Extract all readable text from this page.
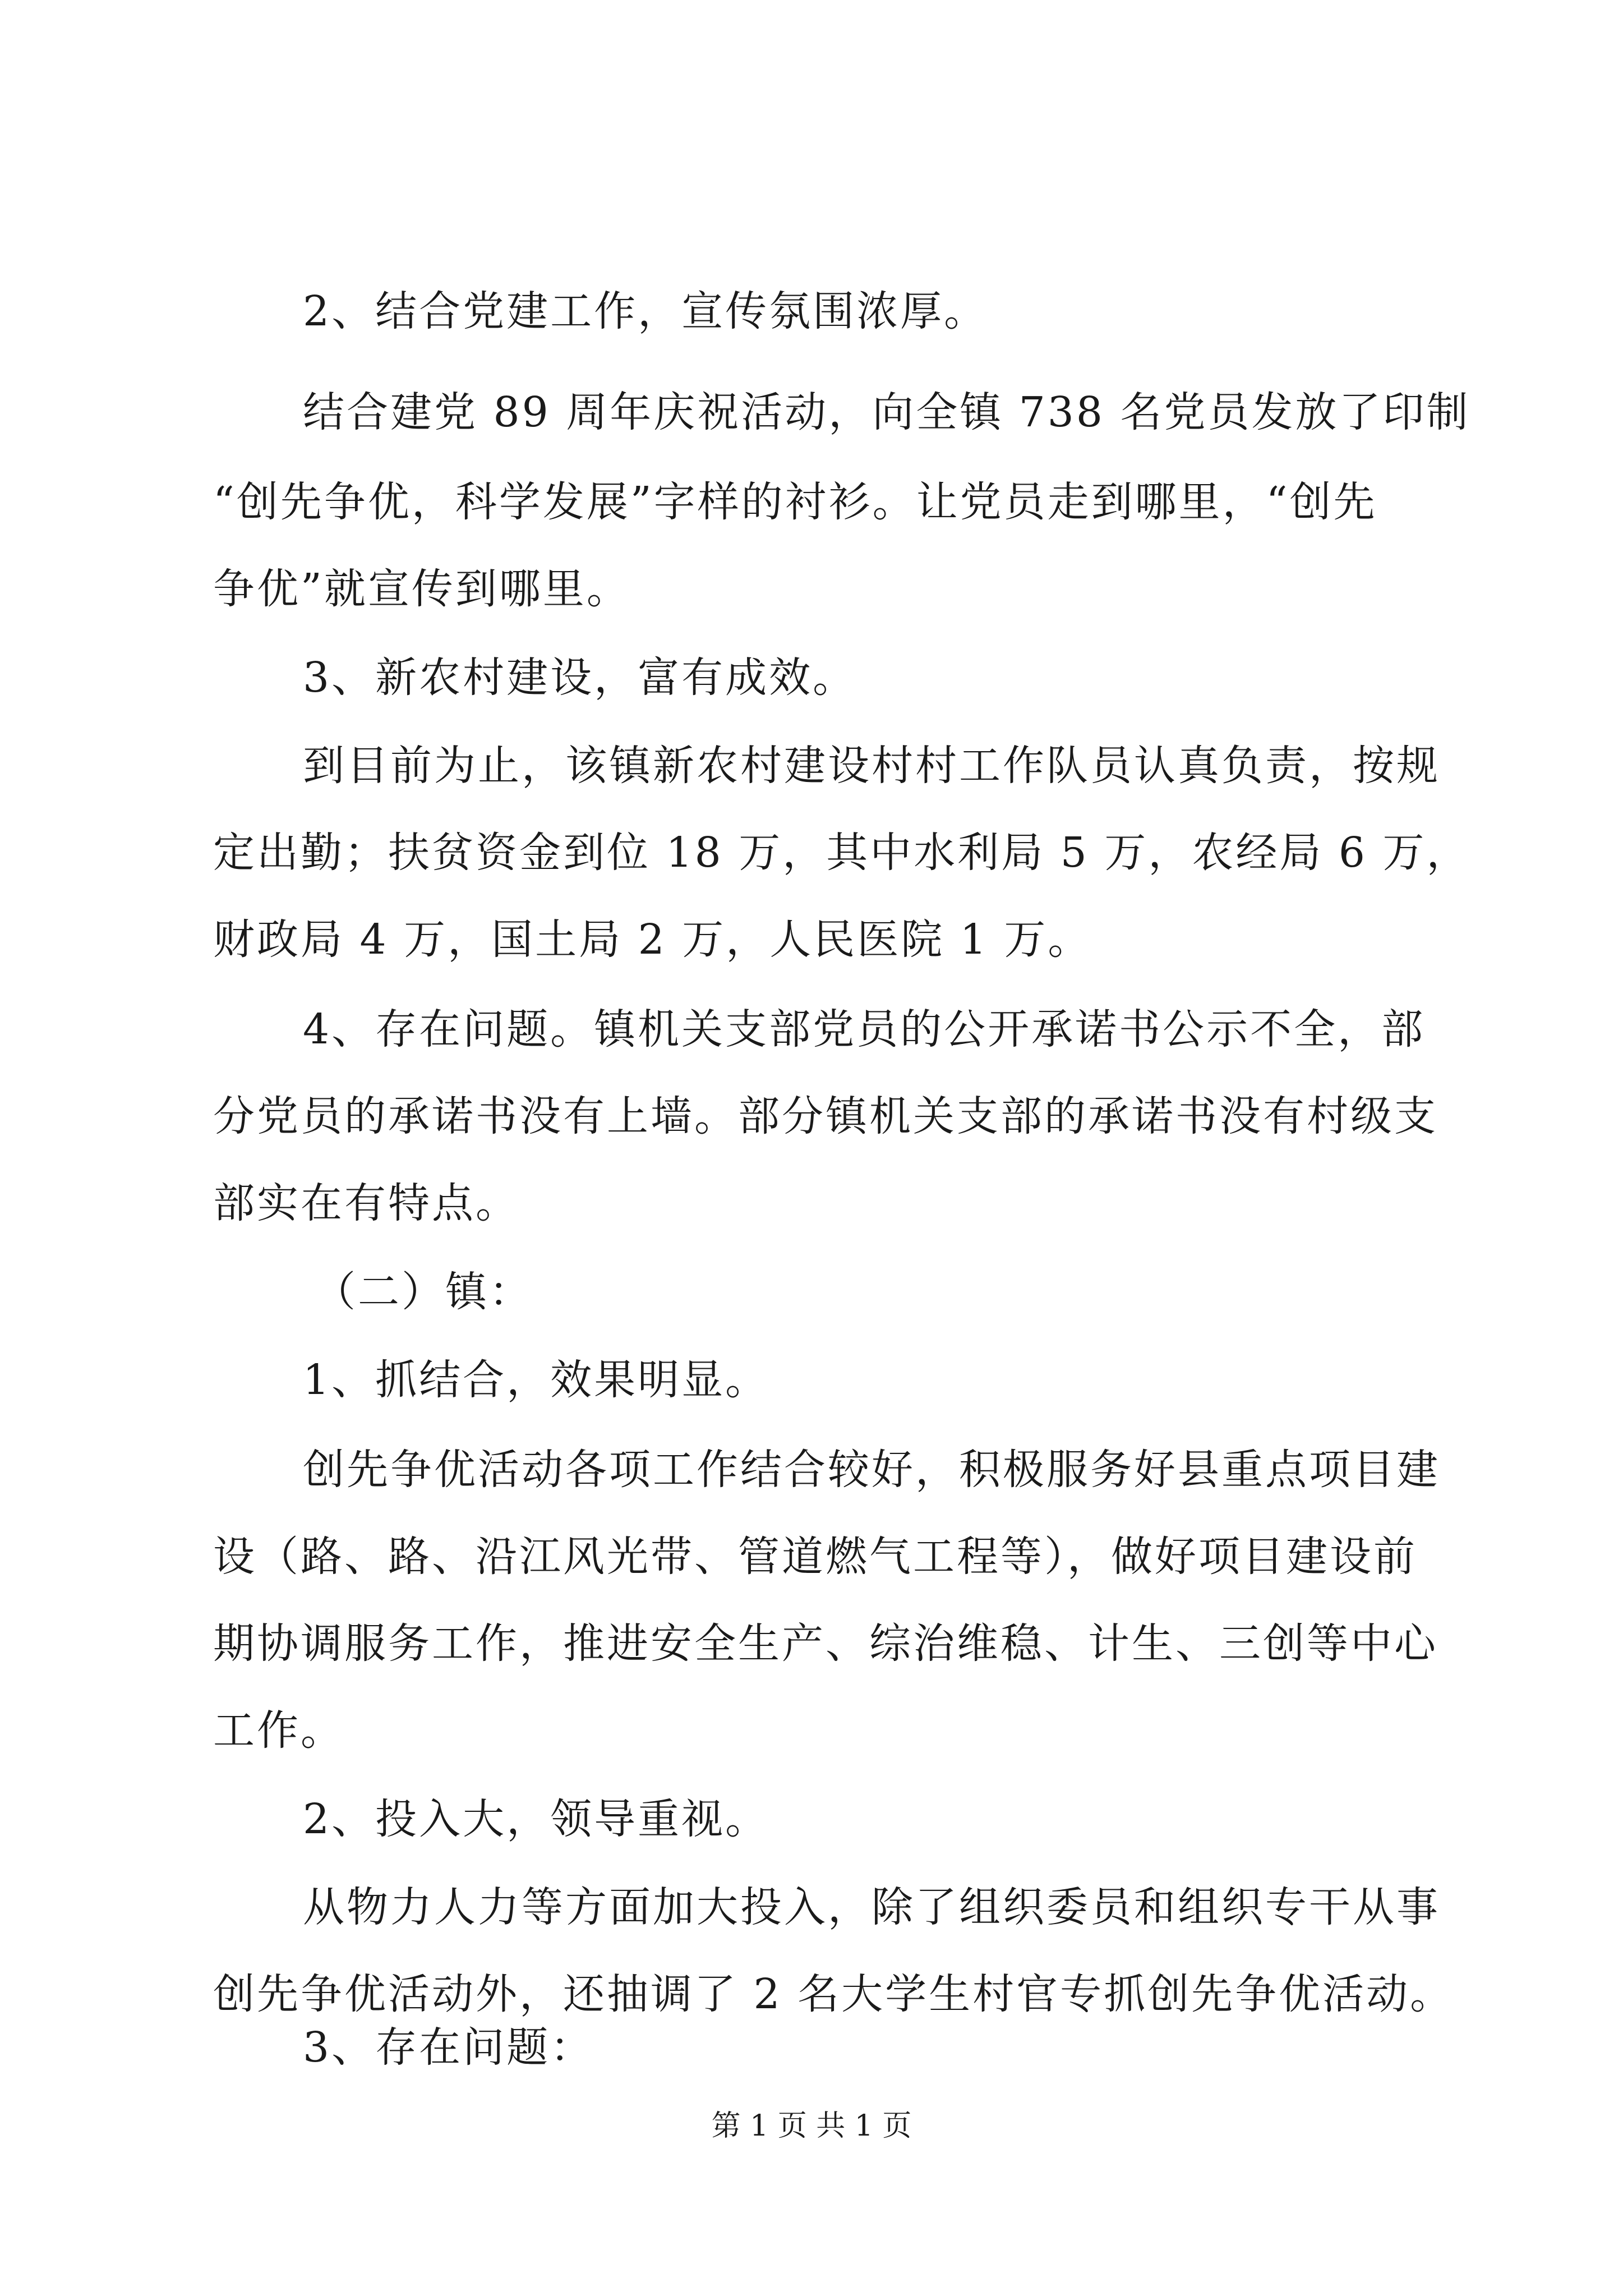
2、结合党建工作，宣传氛围浓厚。
结合建党 89 周年庆祝活动，向全镇 738 名党员发放了印制
“创先争优，科学发展”字样的衬衫。让党员走到哪里，“创先
争优”就宣传到哪里。
3、新农村建设，富有成效。
到目前为止，该镇新农村建设村村工作队员认真负责，按规
定出勤；扶贫资金到位 18 万，其中水利局 5 万，农经局 6 万，
财政局 4 万，国土局 2 万，人民医院 1 万。
4、存在问题。镇机关支部党员的公开承诺书公示不全，部
分党员的承诺书没有上墙。部分镇机关支部的承诺书没有村级支
部实在有特点。
（二）镇：
1、抓结合，效果明显。
创先争优活动各项工作结合较好，积极服务好县重点项目建
设（路、路、沿江风光带、管道燃气工程等），做好项目建设前
期协调服务工作，推进安全生产、综治维稳、计生、三创等中心
工作。
2、投入大，领导重视。
从物力人力等方面加大投入，除了组织委员和组织专干从事
创先争优活动外，还抽调了 2 名大学生村官专抓创先争优活动。
3、存在问题：
第 1 页 共 1 页
